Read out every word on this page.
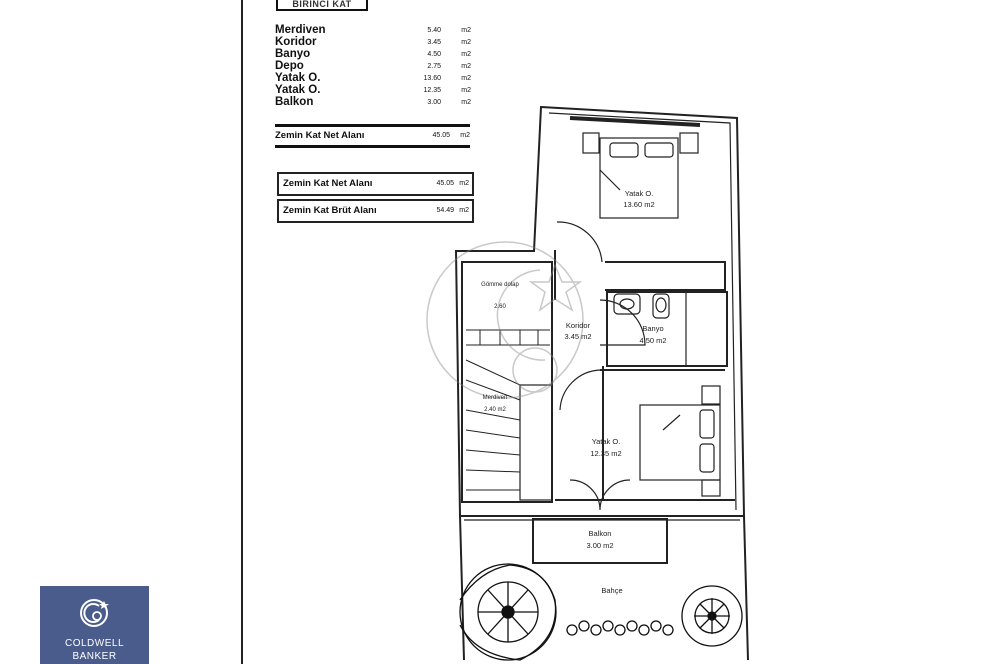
BİRİNCİ KAT
Merdiven	5.40	m2
Koridor	3.45	m2
Banyo	4.50	m2
Depo	2.75	m2
Yatak O.	13.60	m2
Yatak O.	12.35	m2
Balkon	3.00	m2
Zemin Kat Net Alanı	45.05 m2
Zemin Kat Net Alanı	45.05 m2
Zemin Kat Brüt Alanı	54.49 m2
Yatak O.
13.60 m2
Gömme dolap
2.60
Koridor
3.45 m2
Banyo
4.50 m2
Merdiven
2.40 m2
Yatak O.
12.35 m2
Balkon
3.00 m2
Bahçe
COLDWELL
BANKER
